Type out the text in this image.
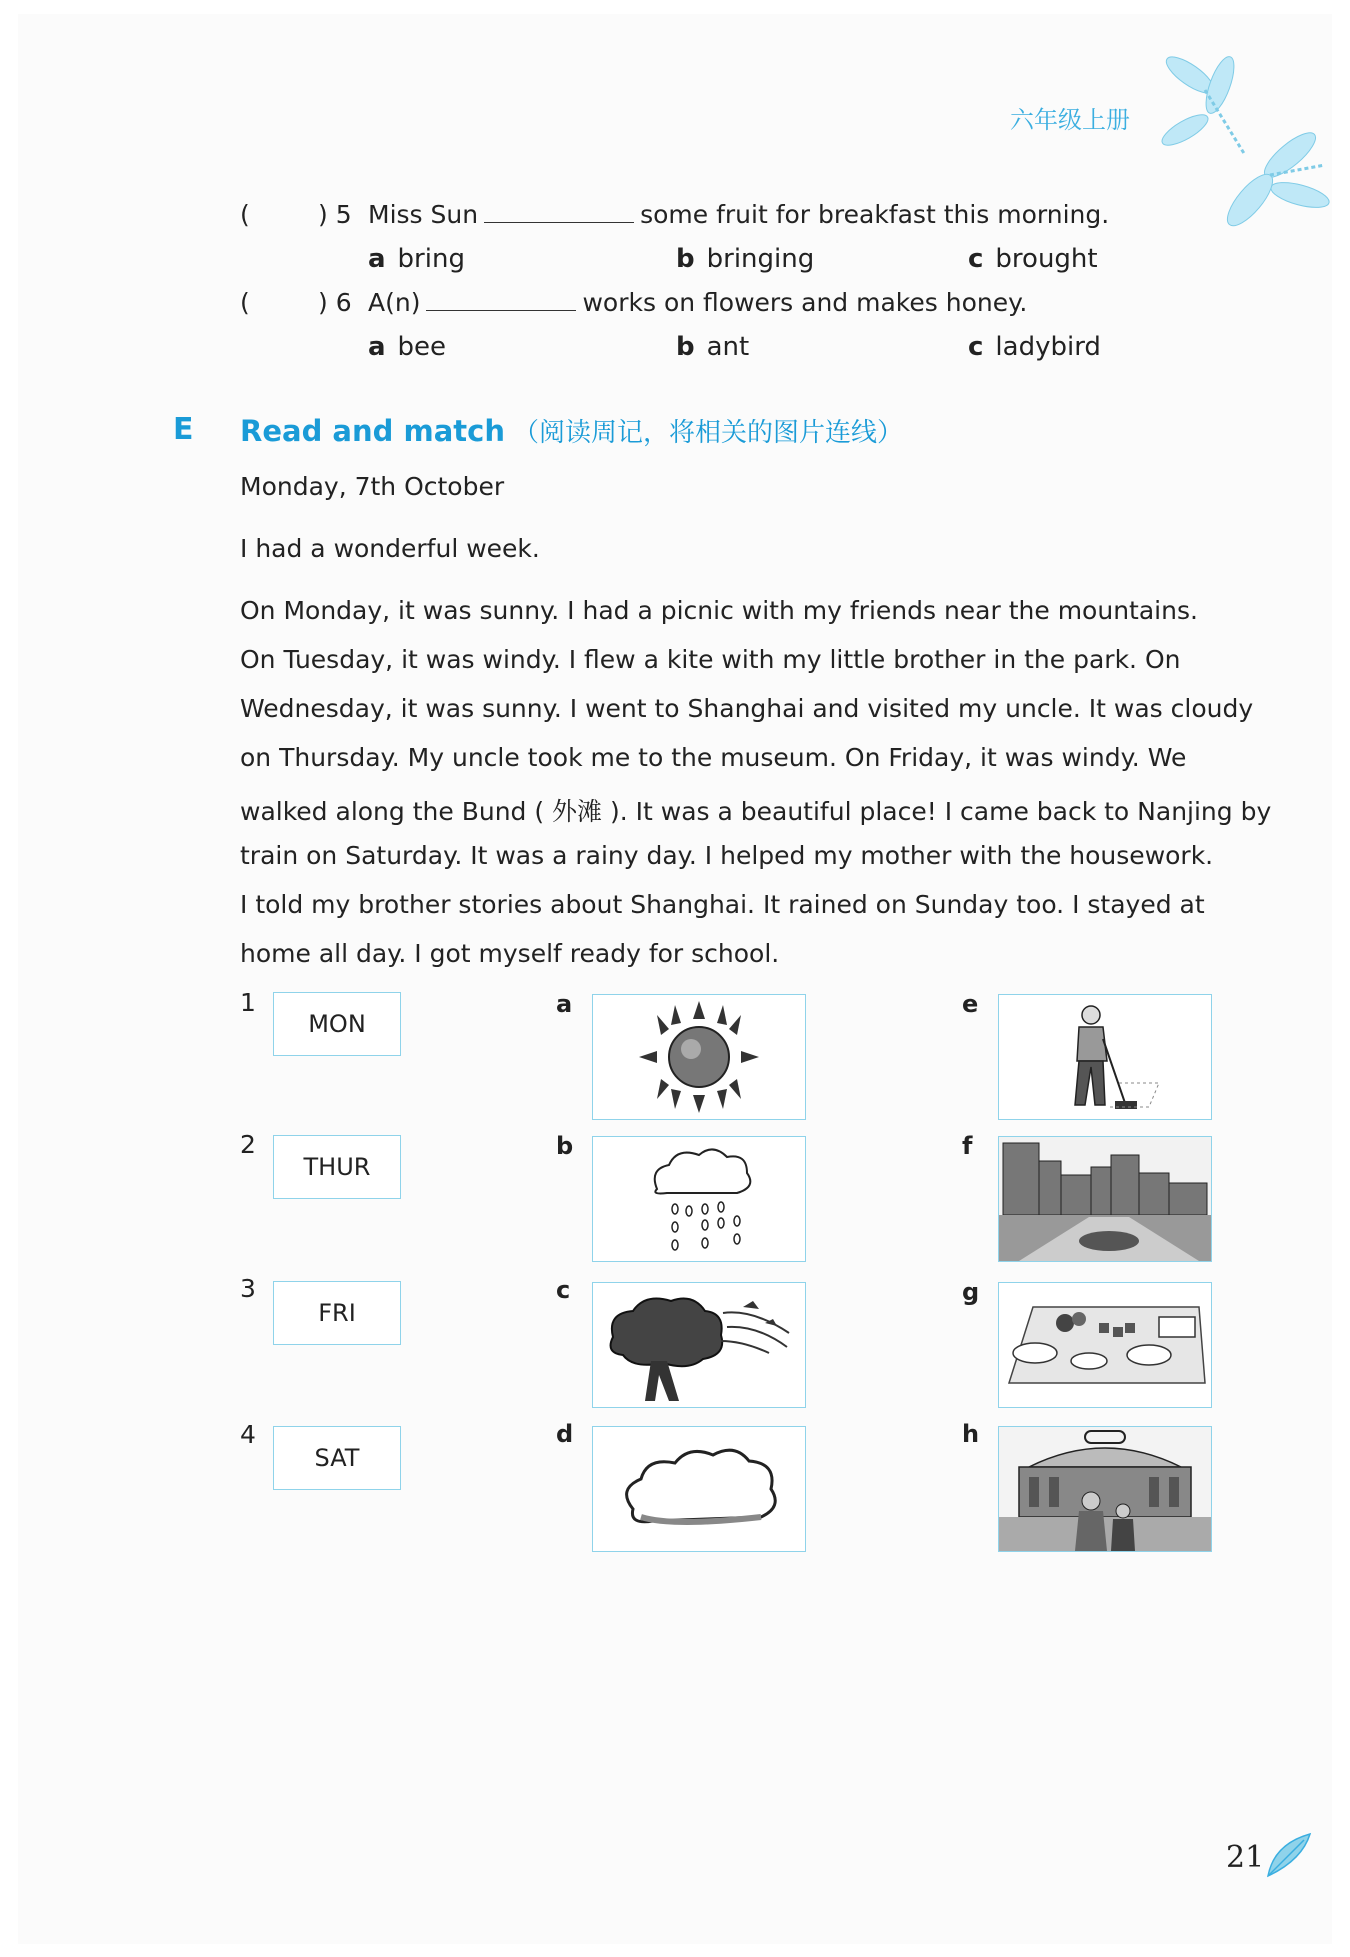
六年级上册
(	) 5 Miss Sun	some fruit for breakfast this morning.
a bring	b bringing	c brought
(	) 6 A(n)	works on flowers and makes honey.
a bee	b ant	c ladybird
E Read and match （阅读周记，将相关的图片连线）
Monday, 7th October
I had a wonderful week.
On Monday, it was sunny. I had a picnic with my friends near the mountains.
On Tuesday, it was windy. I flew a kite with my little brother in the park. On
Wednesday, it was sunny. I went to Shanghai and visited my uncle. It was cloudy
on Thursday. My uncle took me to the museum. On Friday, it was windy. We
walked along the Bund ( 外滩 ). It was a beautiful place! I came back to Nanjing by
train on Saturday. It was a rainy day. I helped my mother with the housework.
I told my brother stories about Shanghai. It rained on Sunday too. I stayed at
home all day. I got myself ready for school.
1
MON
2
THUR
3
FRI
4
SAT
a
b
c
d
e
f
g
h
21
